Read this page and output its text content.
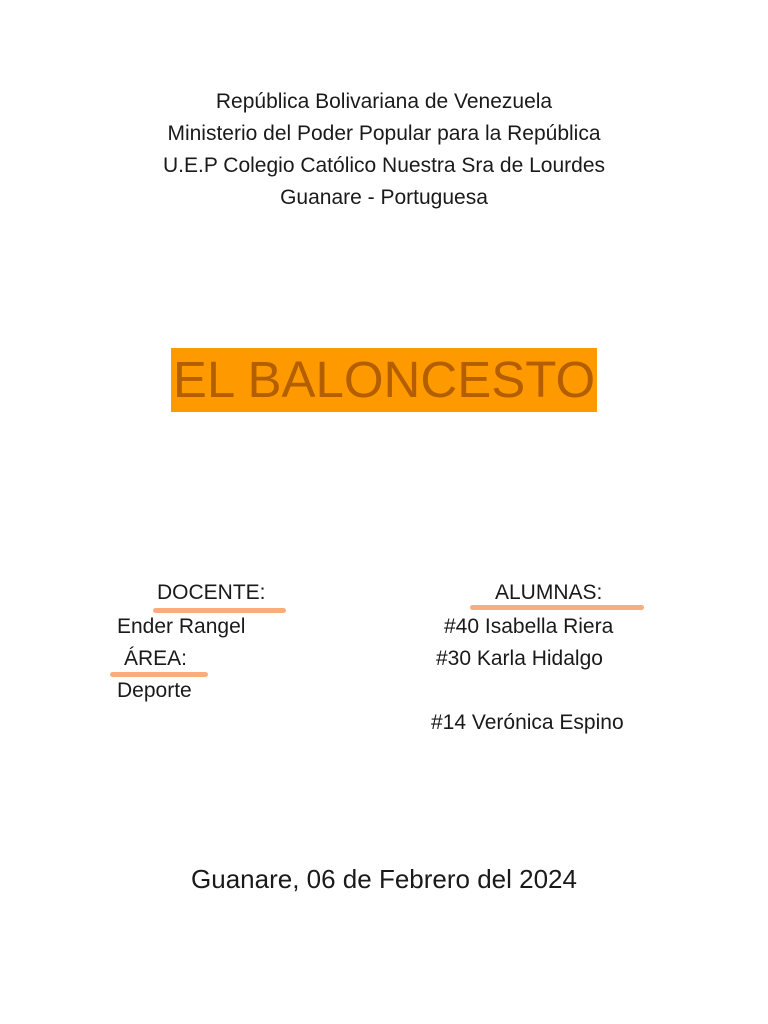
República Bolivariana de Venezuela
Ministerio del Poder Popular para la República
U.E.P Colegio Católico Nuestra Sra de Lourdes
Guanare - Portuguesa
EL BALONCESTO
DOCENTE:
Ender Rangel
ÁREA:
Deporte
ALUMNAS:
#40 Isabella Riera
#30 Karla Hidalgo
#14 Verónica Espino
Guanare, 06 de Febrero del 2024
